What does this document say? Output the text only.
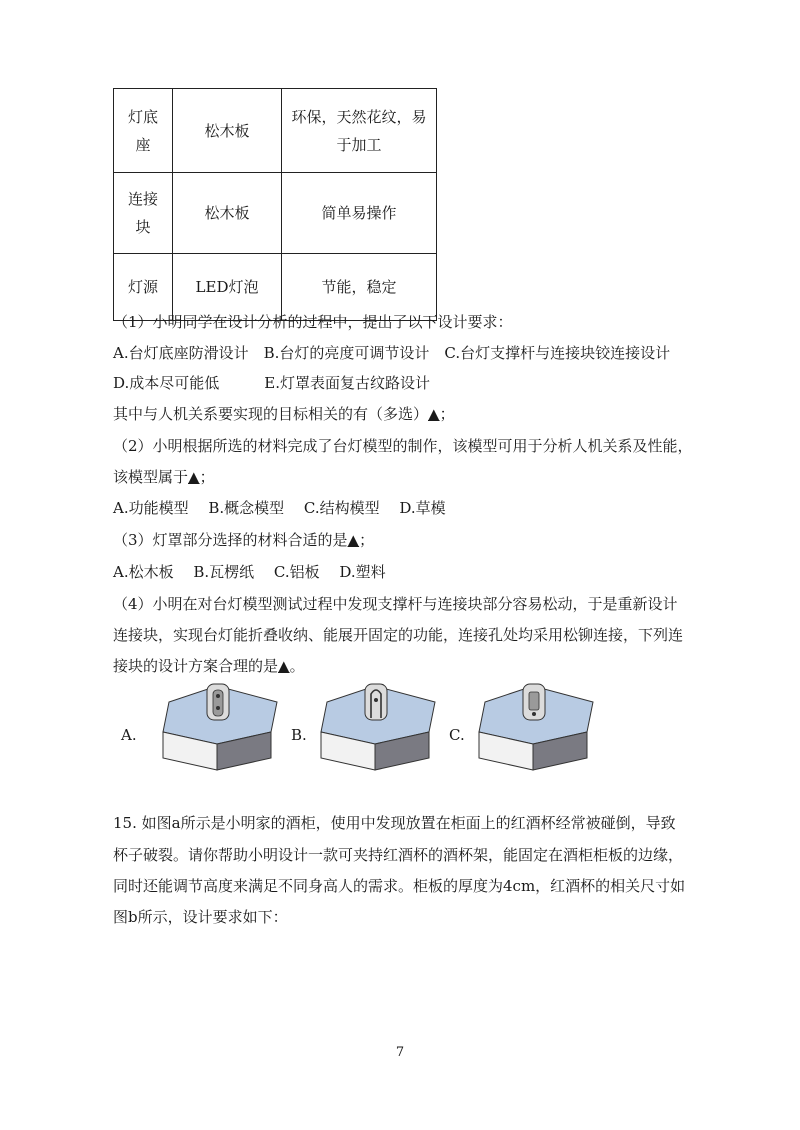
灯底座	松木板	环保，天然花纹，易于加工
连接块	松木板	简单易操作
灯源	LED灯泡	节能，稳定
（1）小明同学在设计分析的过程中，提出了以下设计要求：
A.台灯底座防滑设计　B.台灯的亮度可调节设计　C.台灯支撑杆与连接块铰连接设计
D.成本尽可能低　　　E.灯罩表面复古纹路设计
其中与人机关系要实现的目标相关的有（多选）▲；
（2）小明根据所选的材料完成了台灯模型的制作，该模型可用于分析人机关系及性能，
该模型属于▲；
A.功能模型　 B.概念模型　 C.结构模型　 D.草模
（3）灯罩部分选择的材料合适的是▲；
A.松木板　 B.瓦楞纸　 C.铝板　 D.塑料
（4）小明在对台灯模型测试过程中发现支撑杆与连接块部分容易松动，于是重新设计
连接块，实现台灯能折叠收纳、能展开固定的功能，连接孔处均采用松铆连接，下列连
接块的设计方案合理的是▲。
A.	B.	C.
15. 如图a所示是小明家的酒柜，使用中发现放置在柜面上的红酒杯经常被碰倒，导致
杯子破裂。请你帮助小明设计一款可夹持红酒杯的酒杯架，能固定在酒柜柜板的边缘，
同时还能调节高度来满足不同身高人的需求。柜板的厚度为4cm，红酒杯的相关尺寸如
图b所示，设计要求如下：
7
